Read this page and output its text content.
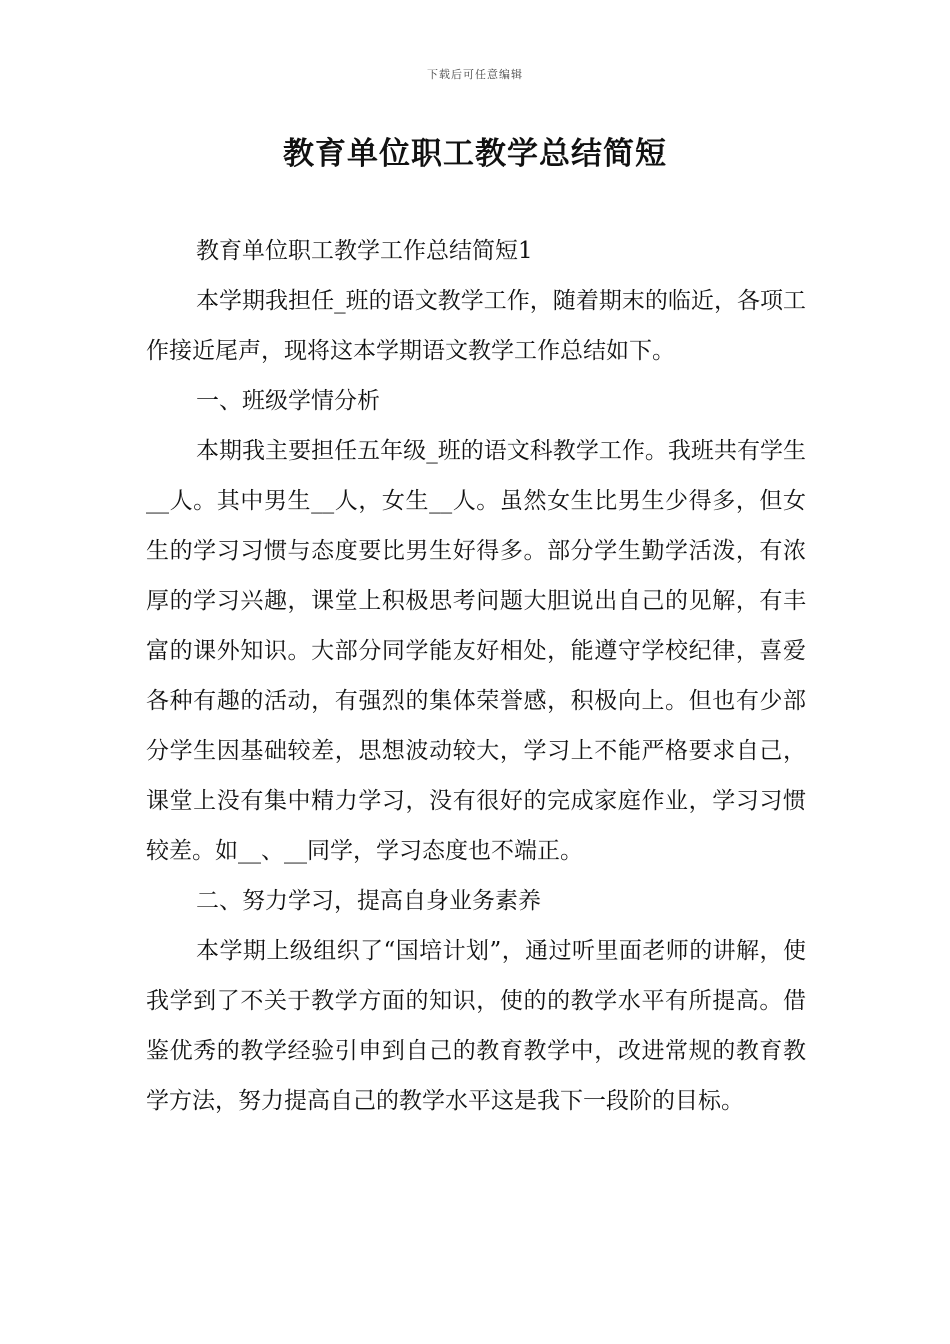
下载后可任意编辑
教育单位职工教学总结简短

教育单位职工教学工作总结简短1

本学期我担任_班的语文教学工作，随着期末的临近，各项工作接近尾声，现将这本学期语文教学工作总结如下。

一、班级学情分析

本期我主要担任五年级_班的语文科教学工作。我班共有学生__人。其中男生__人，女生__人。虽然女生比男生少得多，但女生的学习习惯与态度要比男生好得多。部分学生勤学活泼，有浓厚的学习兴趣，课堂上积极思考问题大胆说出自己的见解，有丰富的课外知识。大部分同学能友好相处，能遵守学校纪律，喜爱各种有趣的活动，有强烈的集体荣誉感，积极向上。但也有少部分学生因基础较差，思想波动较大，学习上不能严格要求自己，课堂上没有集中精力学习，没有很好的完成家庭作业，学习习惯较差。如__、__同学，学习态度也不端正。

二、努力学习，提高自身业务素养

本学期上级组织了“国培计划”，通过听里面老师的讲解，使我学到了不关于教学方面的知识，使的的教学水平有所提高。借鉴优秀的教学经验引申到自己的教育教学中，改进常规的教育教学方法，努力提高自己的教学水平这是我下一段阶的目标。
